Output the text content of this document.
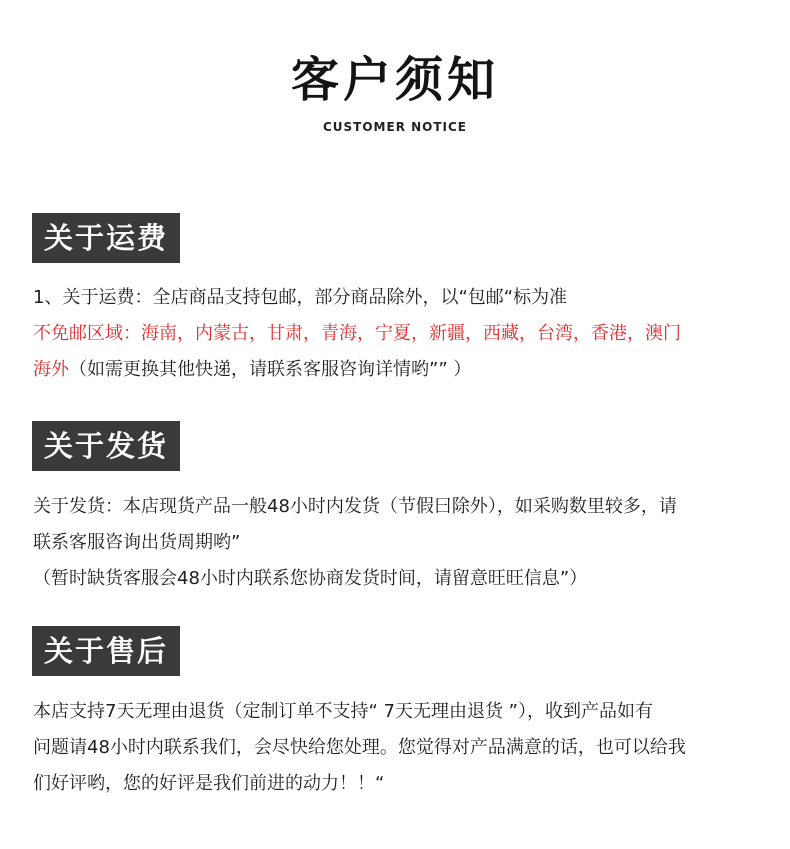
客户须知
CUSTOMER NOTICE
关于运费
1、关于运费：全店商品支持包邮，部分商品除外，以“包邮“标为准
不免邮区域：海南，内蒙古，甘肃，青海，宁夏，新疆，西藏，台湾，香港，澳门
海外（如需更换其他快递，请联系客服咨询详情哟”” ）
关于发货
关于发货：本店现货产品一般48小时内发货（节假曰除外），如采购数里较多，请
联系客服咨询出货周期哟”
（暂时缺货客服会48小时内联系您协商发货时间，请留意旺旺信息”）
关于售后
本店支持7天无理由退货（定制订单不支持“ 7天无理由退货 ”），收到产品如有
问题请48小时内联系我们，会尽快给您处理。您觉得对产品满意的话，也可以给我
们好评哟，您的好评是我们前进的动力！！“
